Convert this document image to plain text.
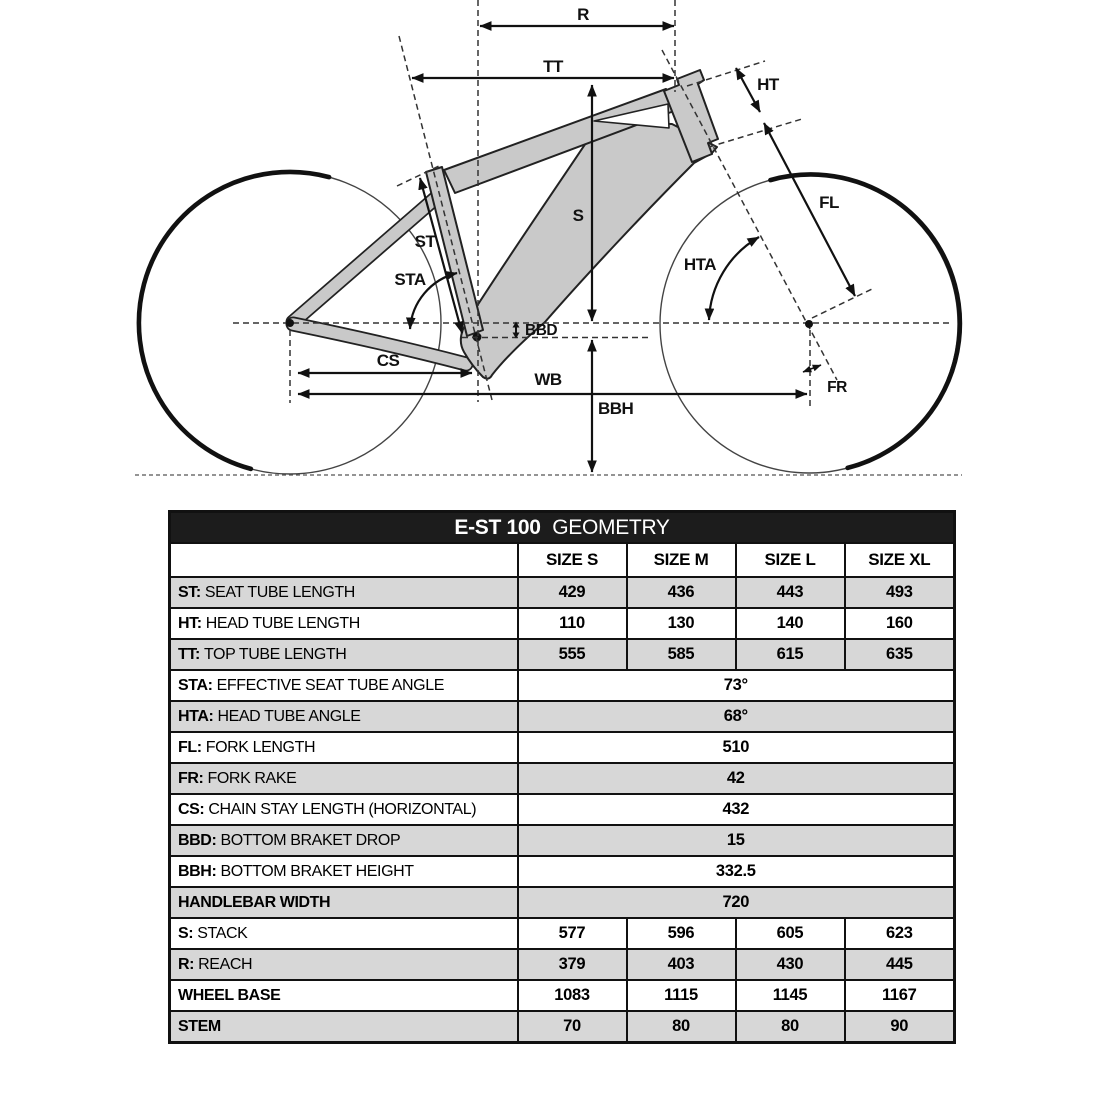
R
TT
HT
S
ST
STA
HTA
FL
BBD
CS
WB
BBH
FR
E-ST 100 GEOMETRY				
	SIZE S	SIZE M	SIZE L	SIZE XL
ST: SEAT TUBE LENGTH	429	436	443	493
HT: HEAD TUBE LENGTH	110	130	140	160
TT: TOP TUBE LENGTH	555	585	615	635
STA: EFFECTIVE SEAT TUBE ANGLE	73°			
HTA: HEAD TUBE ANGLE	68°			
FL: FORK LENGTH	510			
FR: FORK RAKE	42			
CS: CHAIN STAY LENGTH (HORIZONTAL)	432			
BBD: BOTTOM BRAKET DROP	15			
BBH: BOTTOM BRAKET HEIGHT	332.5			
HANDLEBAR WIDTH	720			
S: STACK	577	596	605	623
R: REACH	379	403	430	445
WHEEL BASE	1083	1115	1145	1167
STEM	70	80	80	90
